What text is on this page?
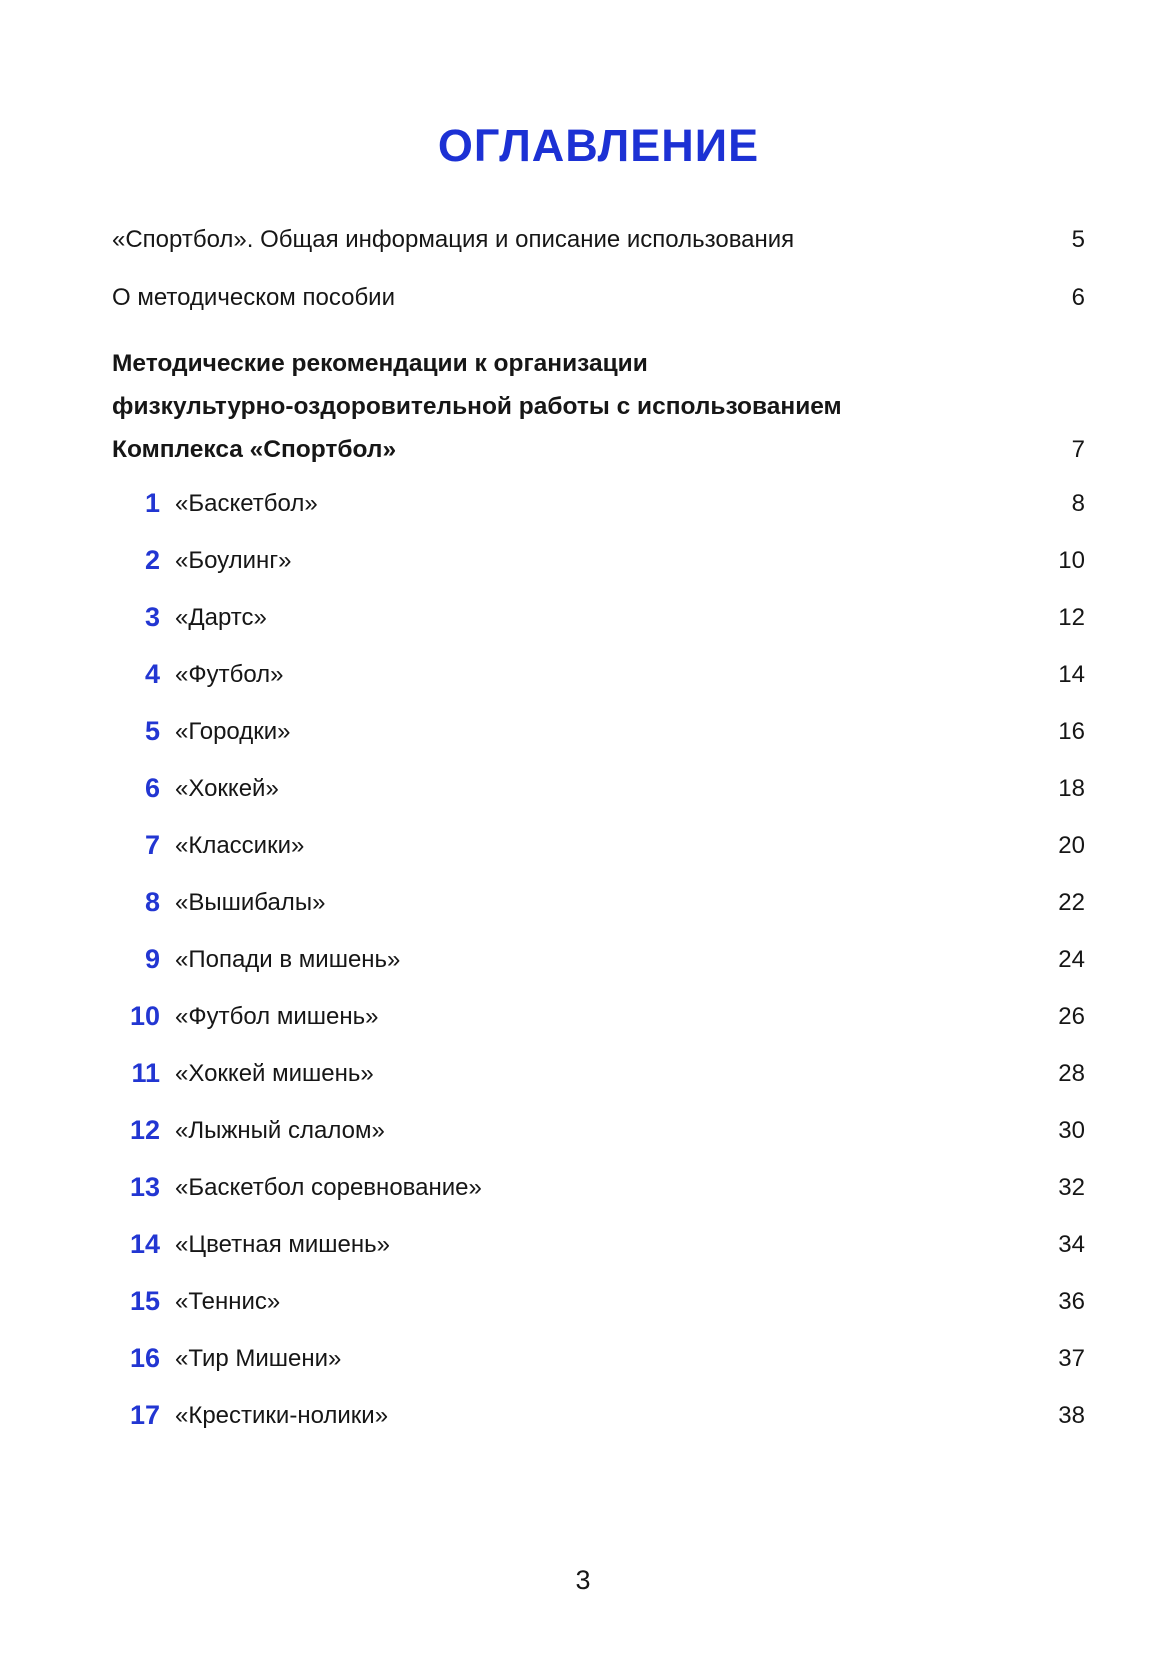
ОГЛАВЛЕНИЕ
«Спортбол». Общая информация и описание использования	5
О методическом пособии	6
Методические рекомендации к организации
физкультурно-оздоровительной работы с использованием
Комплекса «Спортбол»	7
1 «Баскетбол»	8
2 «Боулинг»	10
3 «Дартс»	12
4 «Футбол»	14
5 «Городки»	16
6 «Хоккей»	18
7 «Классики»	20
8 «Вышибалы»	22
9 «Попади в мишень»	24
10 «Футбол мишень»	26
11 «Хоккей мишень»	28
12 «Лыжный слалом»	30
13 «Баскетбол соревнование»	32
14 «Цветная мишень»	34
15 «Теннис»	36
16 «Тир Мишени»	37
17 «Крестики-нолики»	38
3
